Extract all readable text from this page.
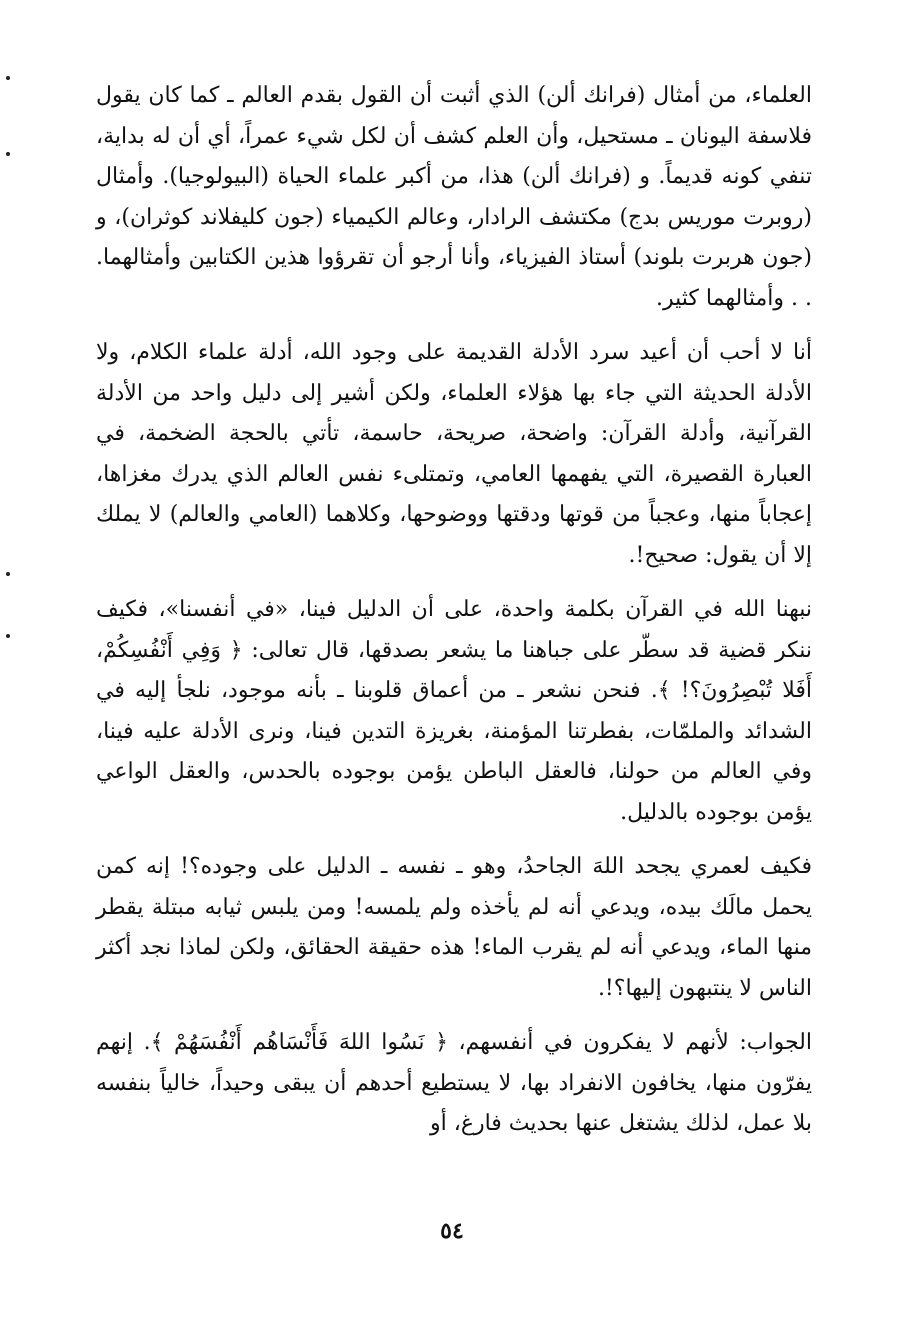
العلماء، من أمثال (فرانك ألن) الذي أثبت أن القول بقدم العالم ـ كما كان يقول فلاسفة اليونان ـ مستحيل، وأن العلم كشف أن لكل شيء عمراً، أي أن له بداية، تنفي كونه قديماً. و (فرانك ألن) هذا، من أكبر علماء الحياة (البيولوجيا). وأمثال (روبرت موريس بدج) مكتشف الرادار، وعالم الكيمياء (جون كليفلاند كوثران)، و (جون هربرت بلوند) أستاذ الفيزياء، وأنا أرجو أن تقرؤوا هذين الكتابين وأمثالهما. . . وأمثالهما كثير.

أنا لا أحب أن أعيد سرد الأدلة القديمة على وجود الله، أدلة علماء الكلام، ولا الأدلة الحديثة التي جاء بها هؤلاء العلماء، ولكن أشير إلى دليل واحد من الأدلة القرآنية، وأدلة القرآن: واضحة، صريحة، حاسمة، تأتي بالحجة الضخمة، في العبارة القصيرة، التي يفهمها العامي، وتمتلىء نفس العالم الذي يدرك مغزاها، إعجاباً منها، وعجباً من قوتها ودقتها ووضوحها، وكلاهما (العامي والعالم) لا يملك إلا أن يقول: صحيح!.

نبهنا الله في القرآن بكلمة واحدة، على أن الدليل فينا، «في أنفسنا»، فكيف ننكر قضية قد سطّر على جباهنا ما يشعر بصدقها، قال تعالى: ﴿ وَفِي أَنْفُسِكُمْ، أَفَلا تُبْصِرُونَ؟! ﴾. فنحن نشعر ـ من أعماق قلوبنا ـ بأنه موجود، نلجأ إليه في الشدائد والملمّات، بفطرتنا المؤمنة، بغريزة التدين فينا، ونرى الأدلة عليه فينا، وفي العالم من حولنا، فالعقل الباطن يؤمن بوجوده بالحدس، والعقل الواعي يؤمن بوجوده بالدليل.

فكيف لعمري يجحد اللهَ الجاحدُ، وهو ـ نفسه ـ الدليل على وجوده؟! إنه كمن يحمل مالَك بيده، ويدعي أنه لم يأخذه ولم يلمسه! ومن يلبس ثيابه مبتلة يقطر منها الماء، ويدعي أنه لم يقرب الماء! هذه حقيقة الحقائق، ولكن لماذا نجد أكثر الناس لا ينتبهون إليها؟!.

الجواب: لأنهم لا يفكرون في أنفسهم، ﴿ نَسُوا اللهَ فَأَنْسَاهُم أَنْفُسَهُمْ ﴾. إنهم يفرّون منها، يخافون الانفراد بها، لا يستطيع أحدهم أن يبقى وحيداً، خالياً بنفسه بلا عمل، لذلك يشتغل عنها بحديث فارغ، أو

٥٤
